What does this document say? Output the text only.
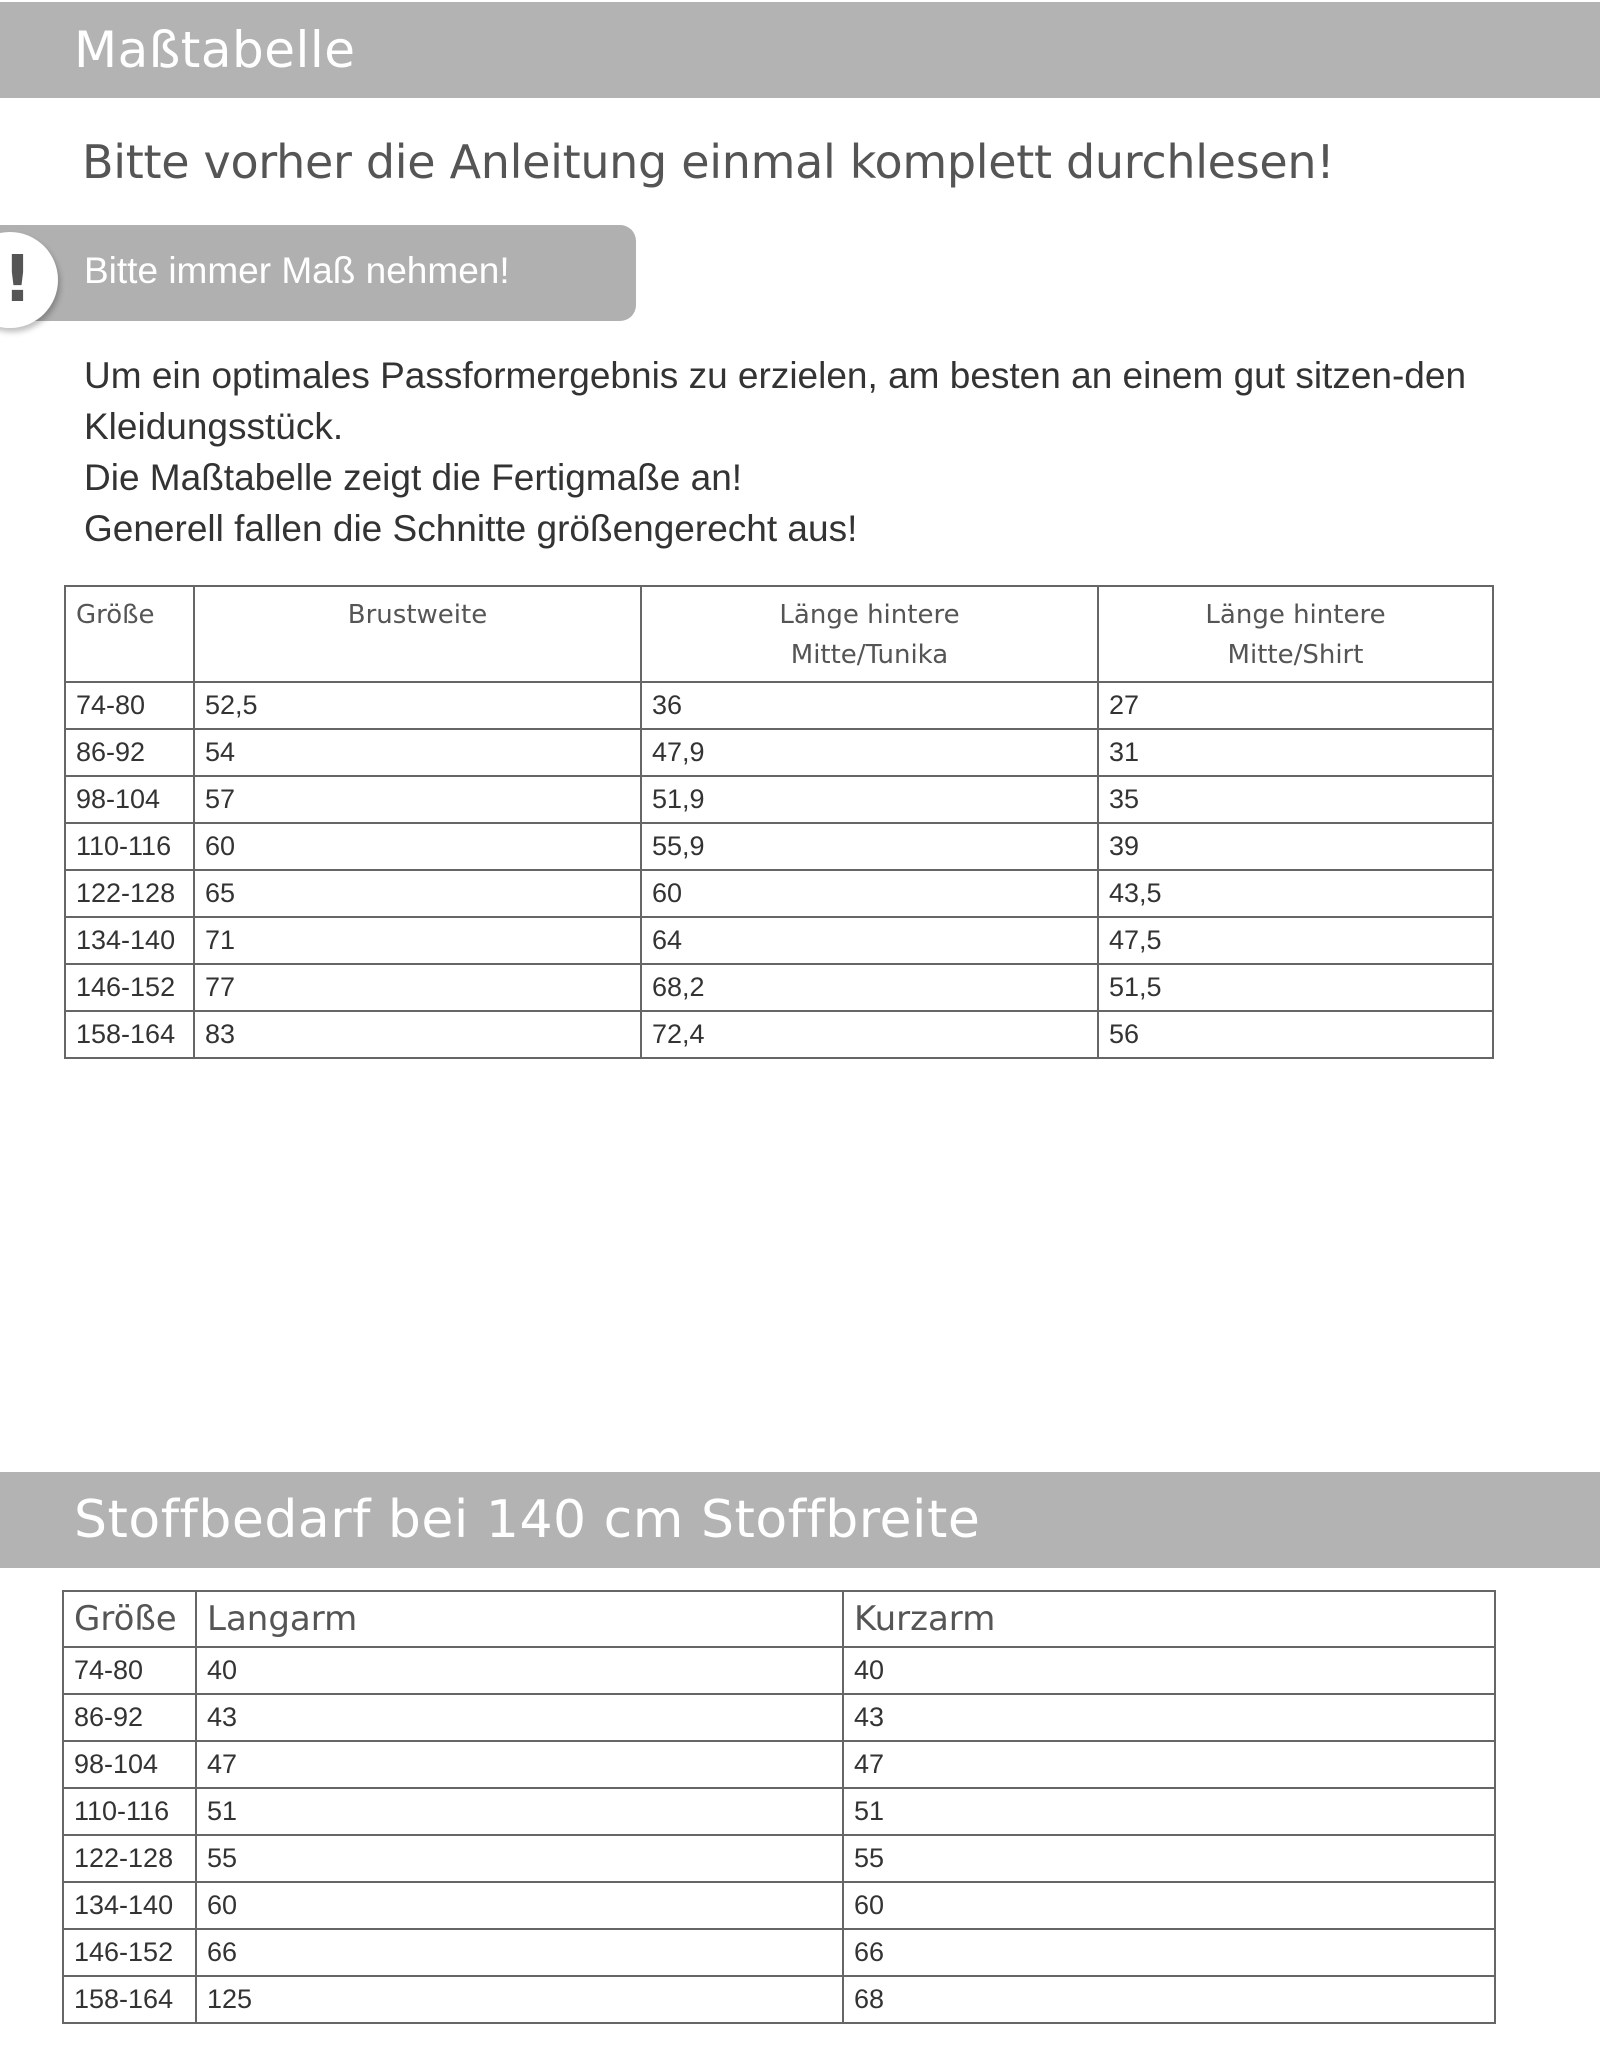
Maßtabelle
Bitte vorher die Anleitung einmal komplett durchlesen!
! Bitte immer Maß nehmen!

Um ein optimales Passformergebnis zu erzielen, am besten an einem gut sitzen-den Kleidungsstück.

Die Maßtabelle zeigt die Fertigmaße an!

Generell fallen die Schnitte größengerecht aus!

Größe	Brustweite	Länge hintere Mitte/Tunika	Länge hintere Mitte/Shirt
74-80	52,5	36	27
86-92	54	47,9	31
98-104	57	51,9	35
110-116	60	55,9	39
122-128	65	60	43,5
134-140	71	64	47,5
146-152	77	68,2	51,5
158-164	83	72,4	56
Stoffbedarf bei 140 cm Stoffbreite
Größe	Langarm	Kurzarm
74-80	40	40
86-92	43	43
98-104	47	47
110-116	51	51
122-128	55	55
134-140	60	60
146-152	66	66
158-164	125	68
